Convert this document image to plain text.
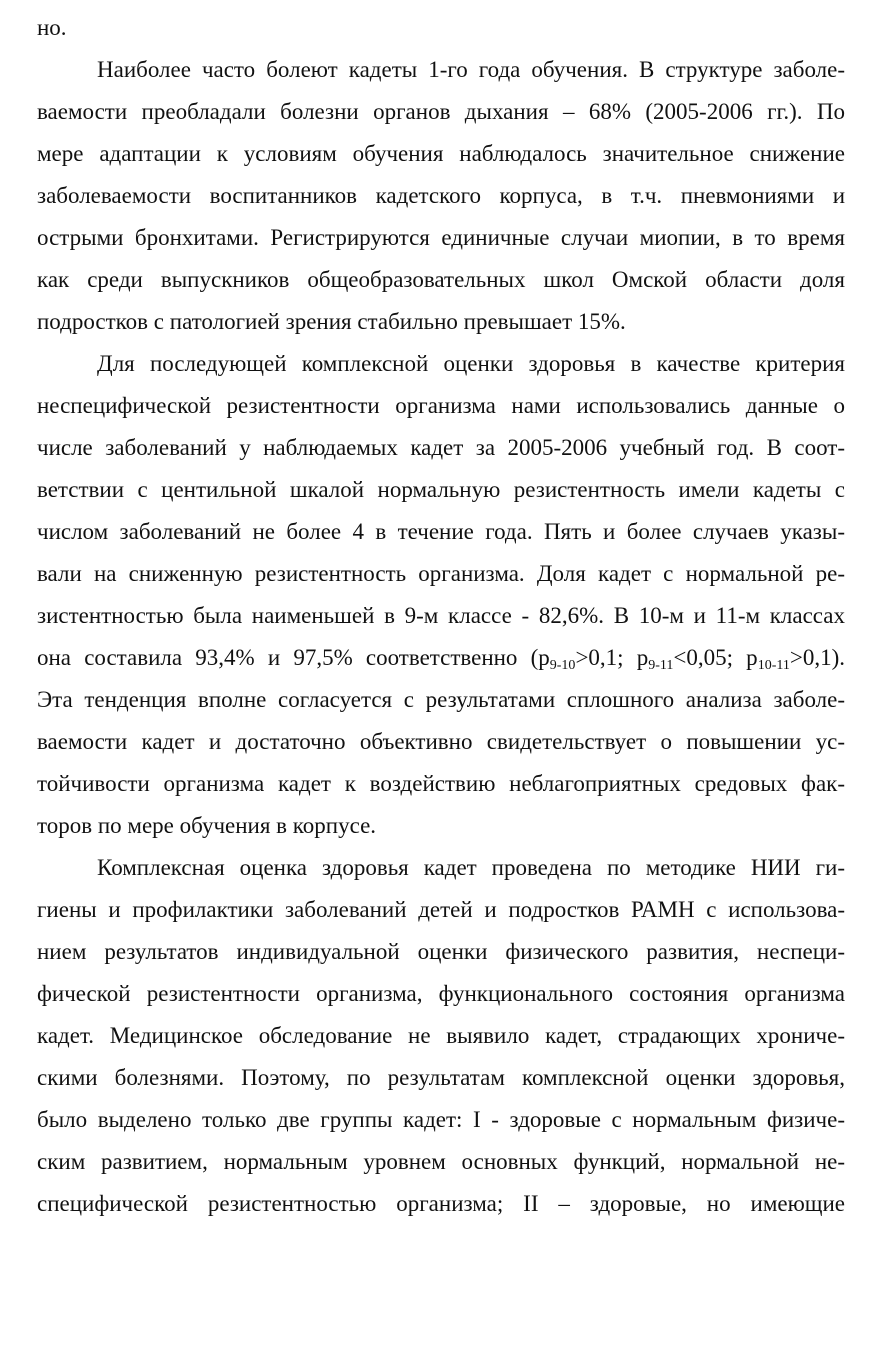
но.
Наиболее часто болеют кадеты 1-го года обучения. В структуре заболе-
ваемости преобладали болезни органов дыхания – 68% (2005-2006 гг.). По
мере адаптации к условиям обучения наблюдалось значительное снижение
заболеваемости воспитанников кадетского корпуса, в т.ч. пневмониями и
острыми бронхитами. Регистрируются единичные случаи миопии, в то время
как среди выпускников общеобразовательных школ Омской области доля
подростков с патологией зрения стабильно превышает 15%.
Для последующей комплексной оценки здоровья в качестве критерия
неспецифической резистентности организма нами использовались данные о
числе заболеваний у наблюдаемых кадет за 2005-2006 учебный год. В соот-
ветствии с центильной шкалой нормальную резистентность имели кадеты с
числом заболеваний не более 4 в течение года. Пять и более случаев указы-
вали на сниженную резистентность организма. Доля кадет с нормальной ре-
зистентностью была наименьшей в 9-м классе - 82,6%. В 10-м и 11-м классах
она составила 93,4% и 97,5% соответственно ($p_{9-10}>0,1$; $p_{9-11}<0,05$; $p_{10-11}>0,1$).
Эта тенденция вполне согласуется с результатами сплошного анализа заболе-
ваемости кадет и достаточно объективно свидетельствует о повышении ус-
тойчивости организма кадет к воздействию неблагоприятных средовых фак-
торов по мере обучения в корпусе.
Комплексная оценка здоровья кадет проведена по методике НИИ ги-
гиены и профилактики заболеваний детей и подростков РАМН с использова-
нием результатов индивидуальной оценки физического развития, неспеци-
фической резистентности организма, функционального состояния организма
кадет. Медицинское обследование не выявило кадет, страдающих хрониче-
скими болезнями. Поэтому, по результатам комплексной оценки здоровья,
было выделено только две группы кадет: I - здоровые с нормальным физиче-
ским развитием, нормальным уровнем основных функций, нормальной не-
специфической резистентностью организма; II – здоровые, но имеющие
